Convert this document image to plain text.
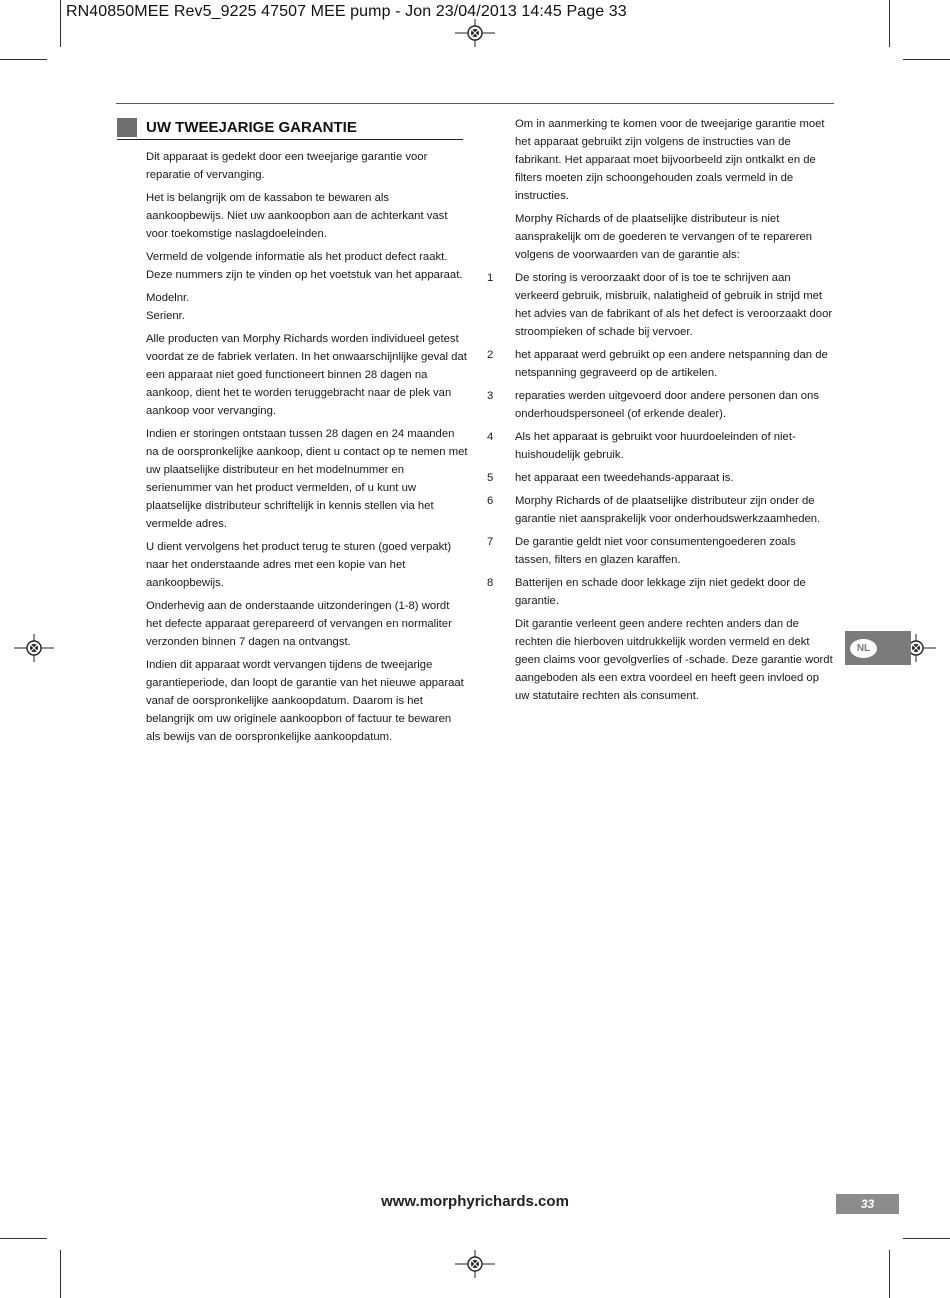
RN40850MEE Rev5_9225 47507 MEE pump - Jon 23/04/2013 14:45 Page 33
UW TWEEJARIGE GARANTIE

Dit apparaat is gedekt door een tweejarige garantie voor reparatie of vervanging.

Het is belangrijk om de kassabon te bewaren als aankoopbewijs. Niet uw aankoopbon aan de achterkant vast voor toekomstige naslagdoeleinden.

Vermeld de volgende informatie als het product defect raakt. Deze nummers zijn te vinden op het voetstuk van het apparaat.

Modelnr.
Serienr.

Alle producten van Morphy Richards worden individueel getest voordat ze de fabriek verlaten. In het onwaarschijnlijke geval dat een apparaat niet goed functioneert binnen 28 dagen na aankoop, dient het te worden teruggebracht naar de plek van aankoop voor vervanging.

Indien er storingen ontstaan tussen 28 dagen en 24 maanden na de oorspronkelijke aankoop, dient u contact op te nemen met uw plaatselijke distributeur en het modelnummer en serienummer van het product vermelden, of u kunt uw plaatselijke distributeur schriftelijk in kennis stellen via het vermelde adres.

U dient vervolgens het product terug te sturen (goed verpakt) naar het onderstaande adres met een kopie van het aankoopbewijs.

Onderhevig aan de onderstaande uitzonderingen (1-8) wordt het defecte apparaat gerepareerd of vervangen en normaliter verzonden binnen 7 dagen na ontvangst.

Indien dit apparaat wordt vervangen tijdens de tweejarige garantieperiode, dan loopt de garantie van het nieuwe apparaat vanaf de oorspronkelijke aankoopdatum. Daarom is het belangrijk om uw originele aankoopbon of factuur te bewaren als bewijs van de oorspronkelijke aankoopdatum.

Om in aanmerking te komen voor de tweejarige garantie moet het apparaat gebruikt zijn volgens de instructies van de fabrikant. Het apparaat moet bijvoorbeeld zijn ontkalkt en de filters moeten zijn schoongehouden zoals vermeld in de instructies.

Morphy Richards of de plaatselijke distributeur is niet aansprakelijk om de goederen te vervangen of te repareren volgens de voorwaarden van de garantie als:

1 De storing is veroorzaakt door of is toe te schrijven aan verkeerd gebruik, misbruik, nalatigheid of gebruik in strijd met het advies van de fabrikant of als het defect is veroorzaakt door stroompieken of schade bij vervoer.
2 het apparaat werd gebruikt op een andere netspanning dan de netspanning gegraveerd op de artikelen.
3 reparaties werden uitgevoerd door andere personen dan ons onderhoudspersoneel (of erkende dealer).
4 Als het apparaat is gebruikt voor huurdoeleinden of niet-huishoudelijk gebruik.
5 het apparaat een tweedehands-apparaat is.
6 Morphy Richards of de plaatselijke distributeur zijn onder de garantie niet aansprakelijk voor onderhoudswerkzaamheden.
7 De garantie geldt niet voor consumentengoederen zoals tassen, filters en glazen karaffen.
8 Batterijen en schade door lekkage zijn niet gedekt door de garantie.

Dit garantie verleent geen andere rechten anders dan de rechten die hierboven uitdrukkelijk worden vermeld en dekt geen claims voor gevolgverlies of -schade. Deze garantie wordt aangeboden als een extra voordeel en heeft geen invloed op uw statutaire rechten als consument.

NL
www.morphyrichards.com	33
